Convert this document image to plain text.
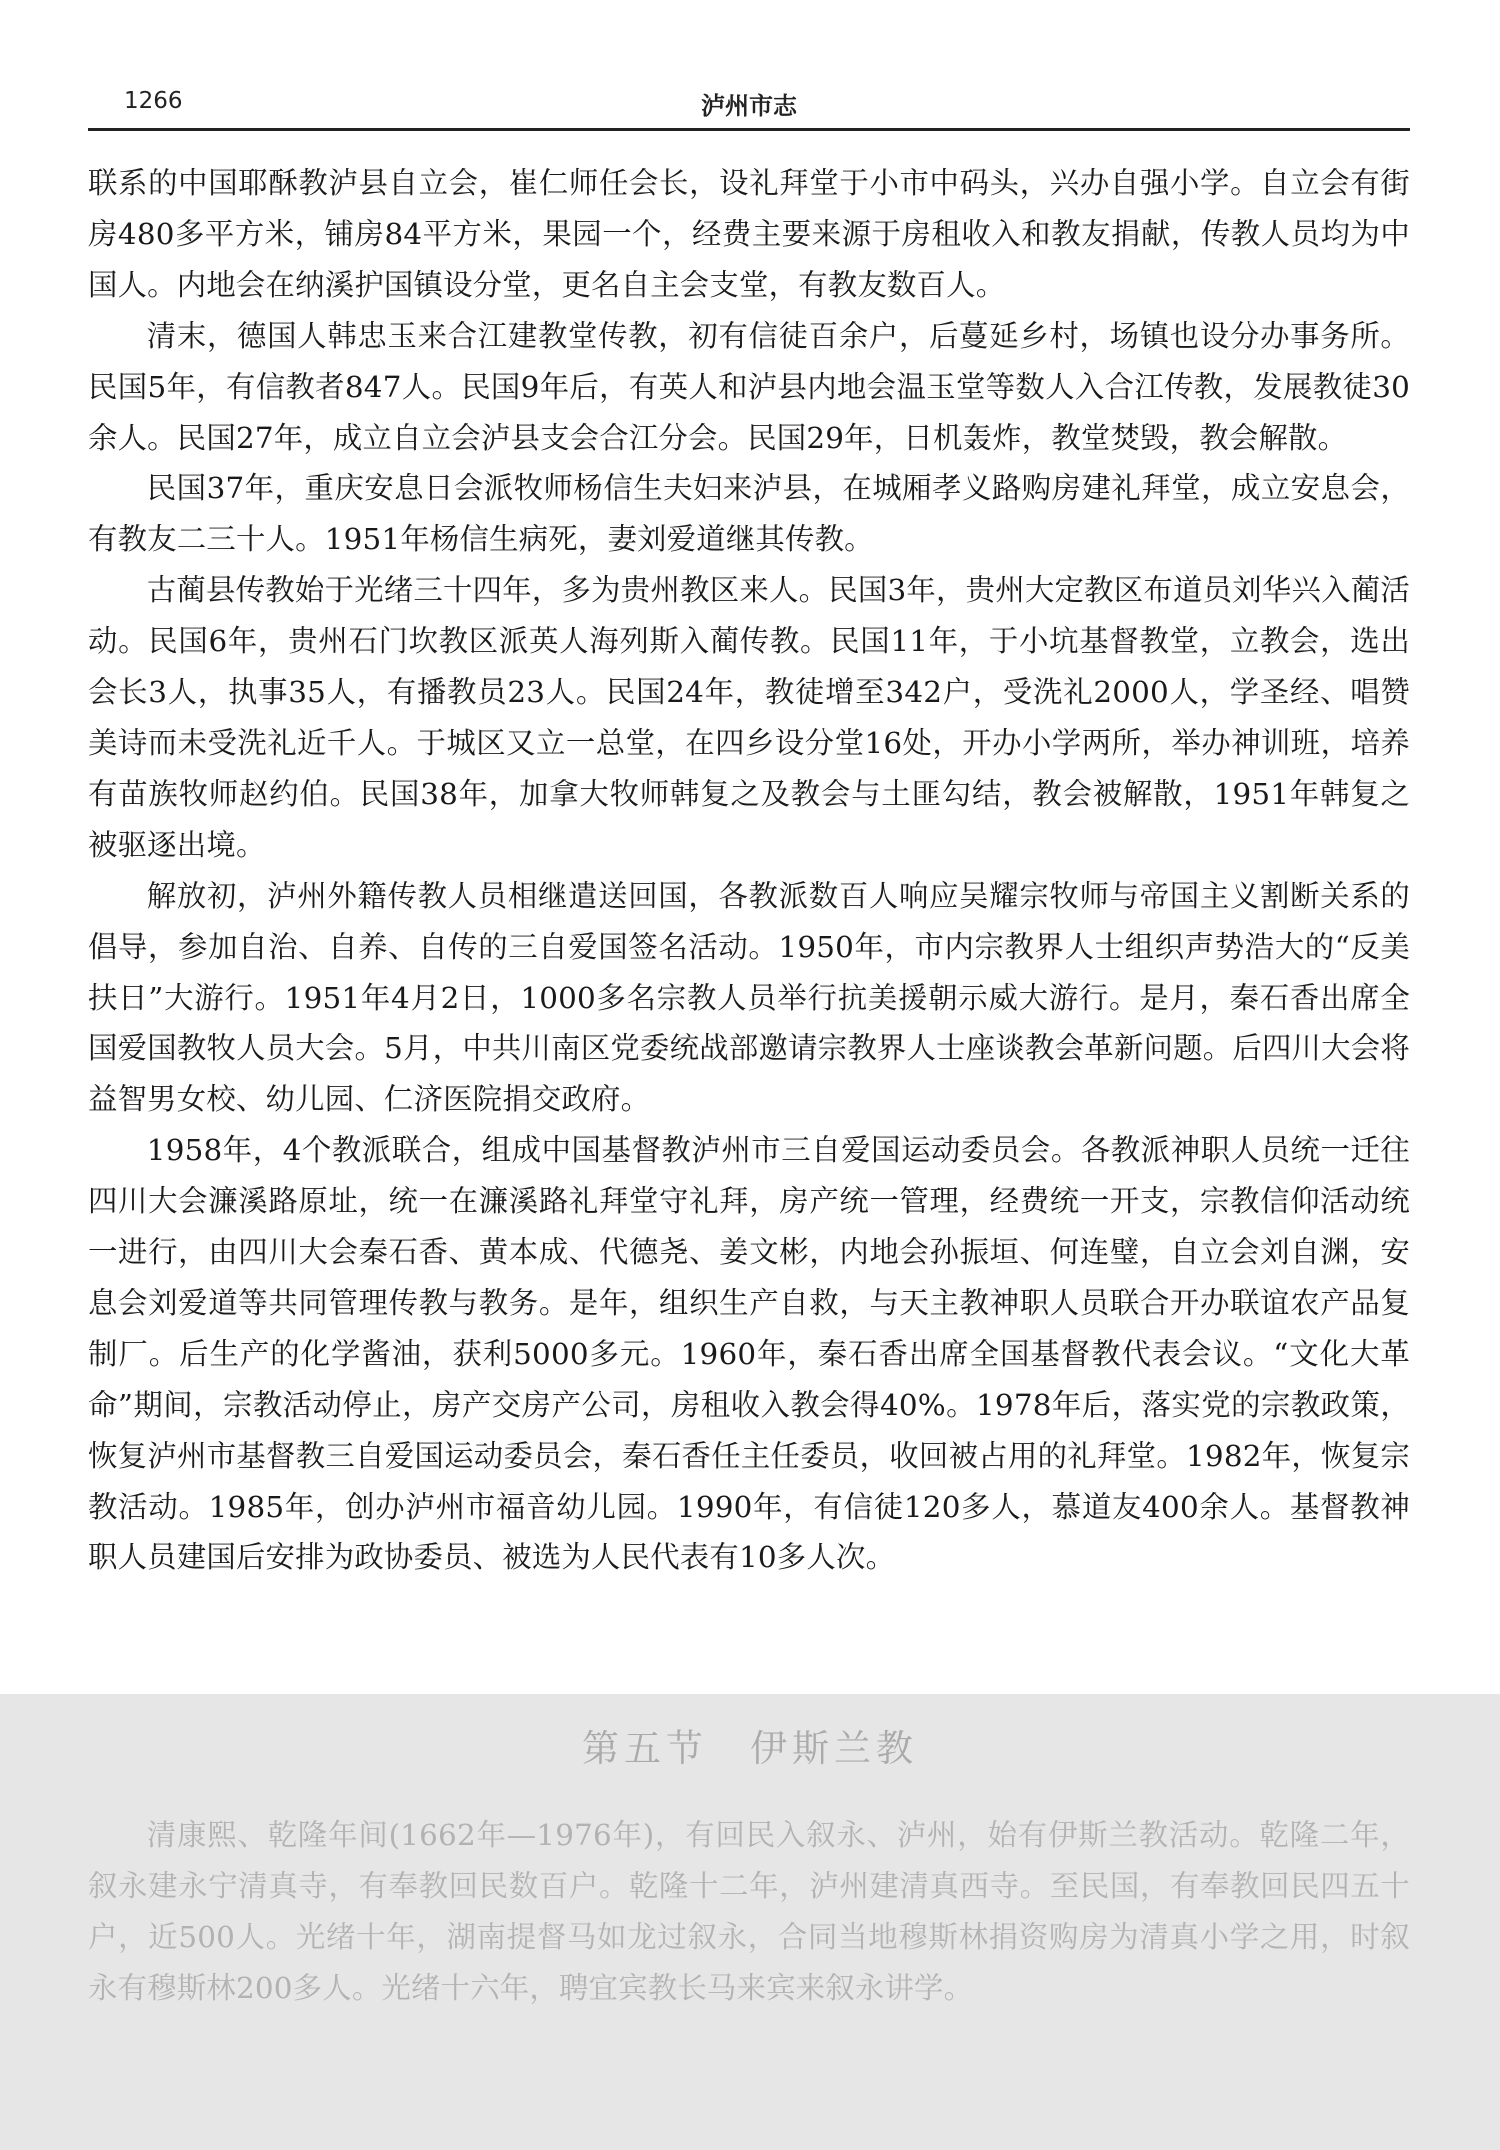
1266	泸州市志

联系的中国耶酥教泸县自立会，崔仁师任会长，设礼拜堂于小市中码头，兴办自强小学。自立会有街房480多平方米，铺房84平方米，果园一个，经费主要来源于房租收入和教友捐献，传教人员均为中国人。内地会在纳溪护国镇设分堂，更名自主会支堂，有教友数百人。

清末，德国人韩忠玉来合江建教堂传教，初有信徒百余户，后蔓延乡村，场镇也设分办事务所。民国5年，有信教者847人。民国9年后，有英人和泸县内地会温玉堂等数人入合江传教，发展教徒30余人。民国27年，成立自立会泸县支会合江分会。民国29年，日机轰炸，教堂焚毁，教会解散。

民国37年，重庆安息日会派牧师杨信生夫妇来泸县，在城厢孝义路购房建礼拜堂，成立安息会，有教友二三十人。1951年杨信生病死，妻刘爱道继其传教。

古蔺县传教始于光绪三十四年，多为贵州教区来人。民国3年，贵州大定教区布道员刘华兴入蔺活动。民国6年，贵州石门坎教区派英人海列斯入蔺传教。民国11年，于小坑基督教堂，立教会，选出会长3人，执事35人，有播教员23人。民国24年，教徒增至342户，受洗礼2000人，学圣经、唱赞美诗而未受洗礼近千人。于城区又立一总堂，在四乡设分堂16处，开办小学两所，举办神训班，培养有苗族牧师赵约伯。民国38年，加拿大牧师韩复之及教会与土匪勾结，教会被解散，1951年韩复之被驱逐出境。

解放初，泸州外籍传教人员相继遣送回国，各教派数百人响应吴耀宗牧师与帝国主义割断关系的倡导，参加自治、自养、自传的三自爱国签名活动。1950年，市内宗教界人士组织声势浩大的“反美扶日”大游行。1951年4月2日，1000多名宗教人员举行抗美援朝示威大游行。是月，秦石香出席全国爱国教牧人员大会。5月，中共川南区党委统战部邀请宗教界人士座谈教会革新问题。后四川大会将益智男女校、幼儿园、仁济医院捐交政府。

1958年，4个教派联合，组成中国基督教泸州市三自爱国运动委员会。各教派神职人员统一迁往四川大会濂溪路原址，统一在濂溪路礼拜堂守礼拜，房产统一管理，经费统一开支，宗教信仰活动统一进行，由四川大会秦石香、黄本成、代德尧、姜文彬，内地会孙振垣、何连璧，自立会刘自渊，安息会刘爱道等共同管理传教与教务。是年，组织生产自救，与天主教神职人员联合开办联谊农产品复制厂。后生产的化学酱油，获利5000多元。1960年，秦石香出席全国基督教代表会议。“文化大革命”期间，宗教活动停止，房产交房产公司，房租收入教会得40%。1978年后，落实党的宗教政策，恢复泸州市基督教三自爱国运动委员会，秦石香任主任委员，收回被占用的礼拜堂。1982年，恢复宗教活动。1985年，创办泸州市福音幼儿园。1990年，有信徒120多人，慕道友400余人。基督教神职人员建国后安排为政协委员、被选为人民代表有10多人次。

第五节　伊斯兰教

清康熙、乾隆年间(1662年—1976年)，有回民入叙永、泸州，始有伊斯兰教活动。乾隆二年，叙永建永宁清真寺，有奉教回民数百户。乾隆十二年，泸州建清真西寺。至民国，有奉教回民四五十户，近500人。光绪十年，湖南提督马如龙过叙永，合同当地穆斯林捐资购房为清真小学之用，时叙永有穆斯林200多人。光绪十六年，聘宜宾教长马来宾来叙永讲学。
